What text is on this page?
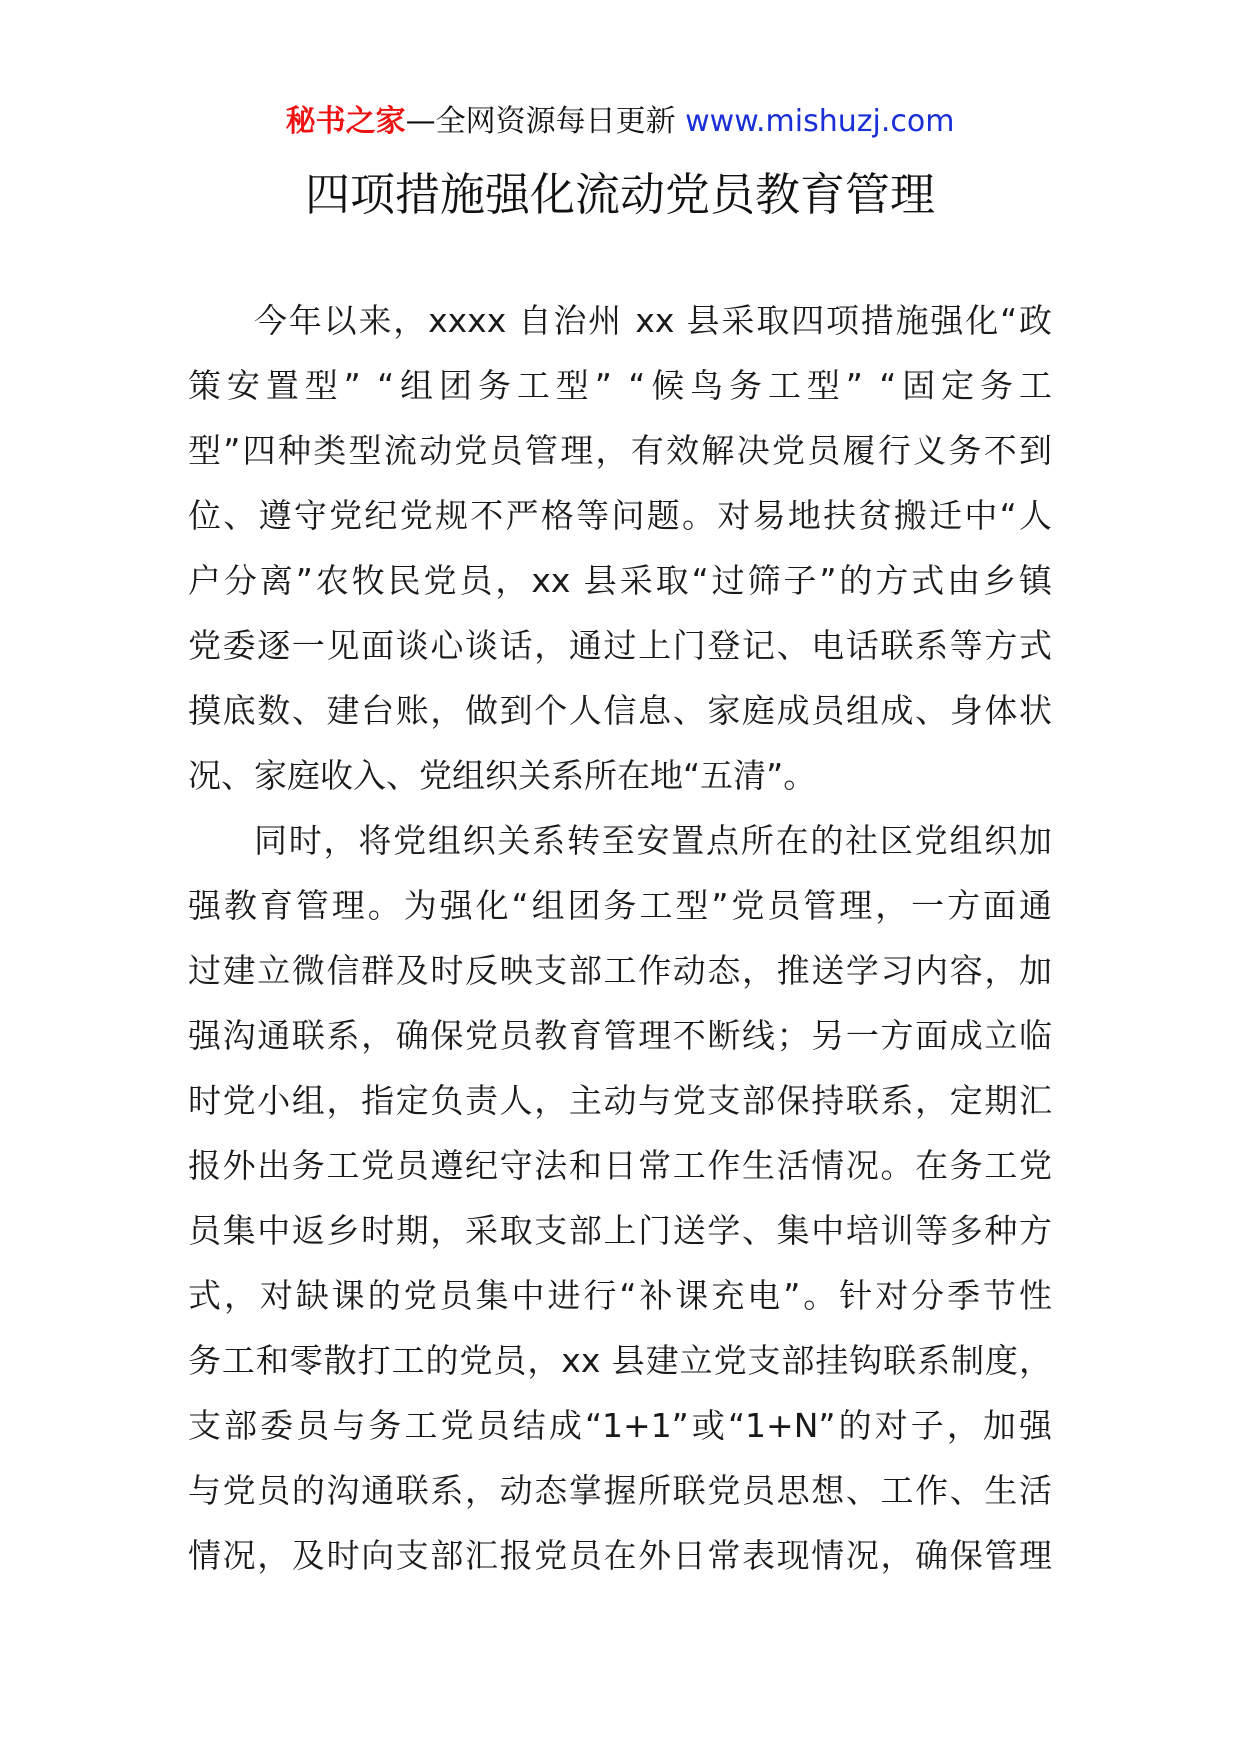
秘书之家—全网资源每日更新 www.mishuzj.com
四项措施强化流动党员教育管理
今年以来，xxxx 自治州 xx 县采取四项措施强化“政
策安置型” “组团务工型” “候鸟务工型” “固定务工
型”四种类型流动党员管理，有效解决党员履行义务不到
位、遵守党纪党规不严格等问题。对易地扶贫搬迁中“人
户分离”农牧民党员，xx 县采取“过筛子”的方式由乡镇
党委逐一见面谈心谈话，通过上门登记、电话联系等方式
摸底数、建台账，做到个人信息、家庭成员组成、身体状
况、家庭收入、党组织关系所在地“五清”。
同时，将党组织关系转至安置点所在的社区党组织加
强教育管理。为强化“组团务工型”党员管理，一方面通
过建立微信群及时反映支部工作动态，推送学习内容，加
强沟通联系，确保党员教育管理不断线；另一方面成立临
时党小组，指定负责人，主动与党支部保持联系，定期汇
报外出务工党员遵纪守法和日常工作生活情况。在务工党
员集中返乡时期，采取支部上门送学、集中培训等多种方
式，对缺课的党员集中进行“补课充电”。针对分季节性
务工和零散打工的党员，xx 县建立党支部挂钩联系制度，
支部委员与务工党员结成“1+1”或“1+N”的对子，加强
与党员的沟通联系，动态掌握所联党员思想、工作、生活
情况，及时向支部汇报党员在外日常表现情况，确保管理
